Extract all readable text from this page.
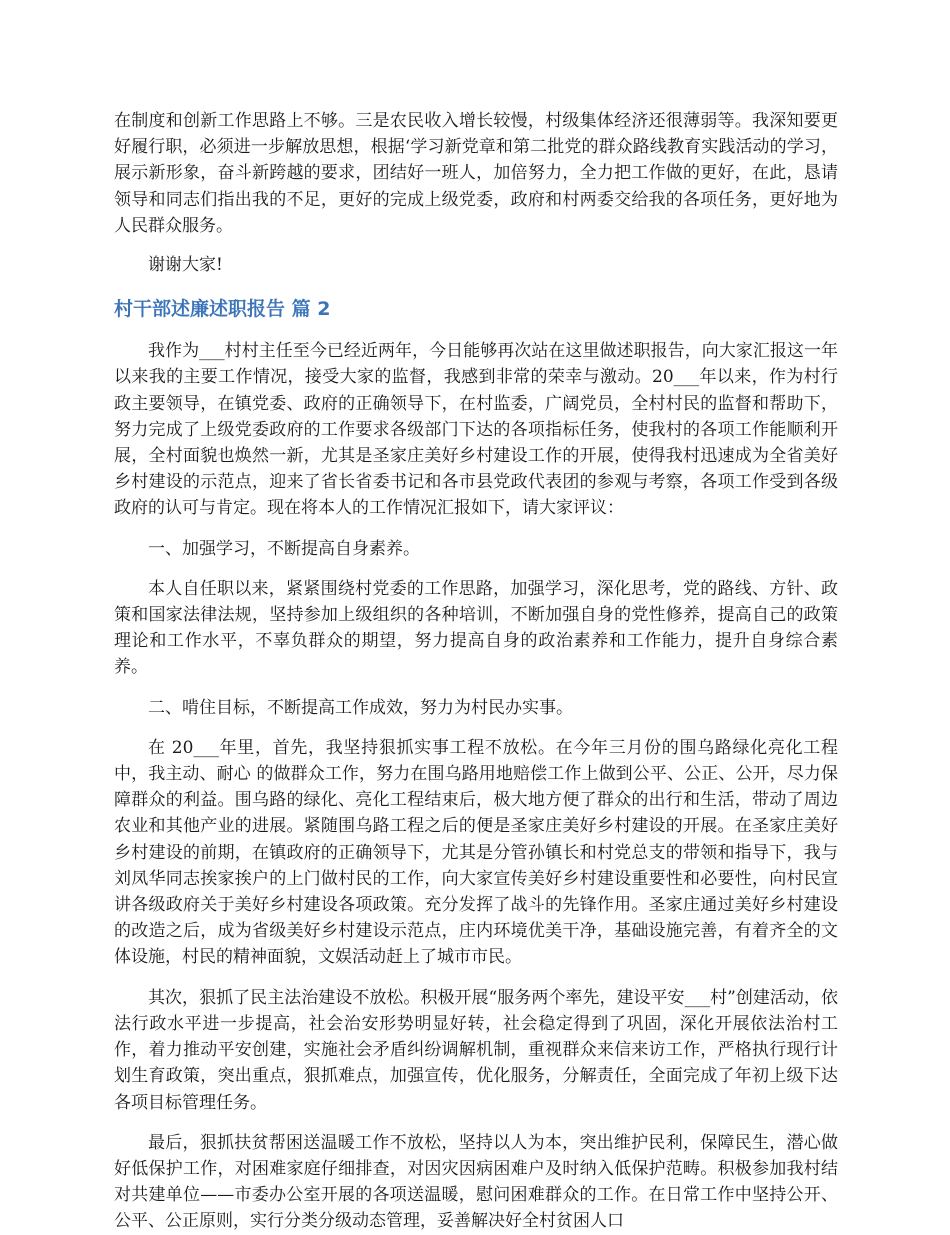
在制度和创新工作思路上不够。三是农民收入增长较慢，村级集体经济还很薄弱等。我深知要更好履行职，必须进一步解放思想，根据‘学习新党章和第二批党的群众路线教育实践活动的学习，展示新形象，奋斗新跨越的要求，团结好一班人，加倍努力，全力把工作做的更好，在此，恳请领导和同志们指出我的不足，更好的完成上级党委，政府和村两委交给我的各项任务，更好地为人民群众服务。

谢谢大家!

村干部述廉述职报告 篇 2

我作为___村村主任至今已经近两年，今日能够再次站在这里做述职报告，向大家汇报这一年以来我的主要工作情况，接受大家的监督，我感到非常的荣幸与激动。20___年以来，作为村行政主要领导，在镇党委、政府的正确领导下，在村监委，广阔党员，全村村民的监督和帮助下，努力完成了上级党委政府的工作要求各级部门下达的各项指标任务，使我村的各项工作能顺利开展，全村面貌也焕然一新，尤其是圣家庄美好乡村建设工作的开展，使得我村迅速成为全省美好乡村建设的示范点，迎来了省长省委书记和各市县党政代表团的参观与考察，各项工作受到各级政府的认可与肯定。现在将本人的工作情况汇报如下，请大家评议：

一、加强学习，不断提高自身素养。

本人自任职以来，紧紧围绕村党委的工作思路，加强学习，深化思考，党的路线、方针、政策和国家法律法规，坚持参加上级组织的各种培训，不断加强自身的党性修养，提高自己的政策理论和工作水平，不辜负群众的期望，努力提高自身的政治素养和工作能力，提升自身综合素养。

二、啃住目标，不断提高工作成效，努力为村民办实事。

在 20___年里，首先，我坚持狠抓实事工程不放松。在今年三月份的围乌路绿化亮化工程中，我主动、耐心 的做群众工作，努力在围乌路用地赔偿工作上做到公平、公正、公开，尽力保障群众的利益。围乌路的绿化、亮化工程结束后，极大地方便了群众的出行和生活，带动了周边农业和其他产业的进展。紧随围乌路工程之后的便是圣家庄美好乡村建设的开展。在圣家庄美好乡村建设的前期，在镇政府的正确领导下，尤其是分管孙镇长和村党总支的带领和指导下，我与刘凤华同志挨家挨户的上门做村民的工作，向大家宣传美好乡村建设重要性和必要性，向村民宣讲各级政府关于美好乡村建设各项政策。充分发挥了战斗的先锋作用。圣家庄通过美好乡村建设的改造之后，成为省级美好乡村建设示范点，庄内环境优美干净，基础设施完善，有着齐全的文体设施，村民的精神面貌，文娱活动赶上了城市市民。

其次，狠抓了民主法治建设不放松。积极开展“服务两个率先，建设平安___村”创建活动，依法行政水平进一步提高，社会治安形势明显好转，社会稳定得到了巩固，深化开展依法治村工作，着力推动平安创建，实施社会矛盾纠纷调解机制，重视群众来信来访工作，严格执行现行计划生育政策，突出重点，狠抓难点，加强宣传，优化服务，分解责任，全面完成了年初上级下达各项目标管理任务。

最后，狠抓扶贫帮困送温暖工作不放松，坚持以人为本，突出维护民利，保障民生，潜心做好低保护工作，对困难家庭仔细排查，对因灾因病困难户及时纳入低保护范畴。积极参加我村结对共建单位——市委办公室开展的各项送温暖，慰问困难群众的工作。在日常工作中坚持公开、公平、公正原则，实行分类分级动态管理，妥善解决好全村贫困人口
